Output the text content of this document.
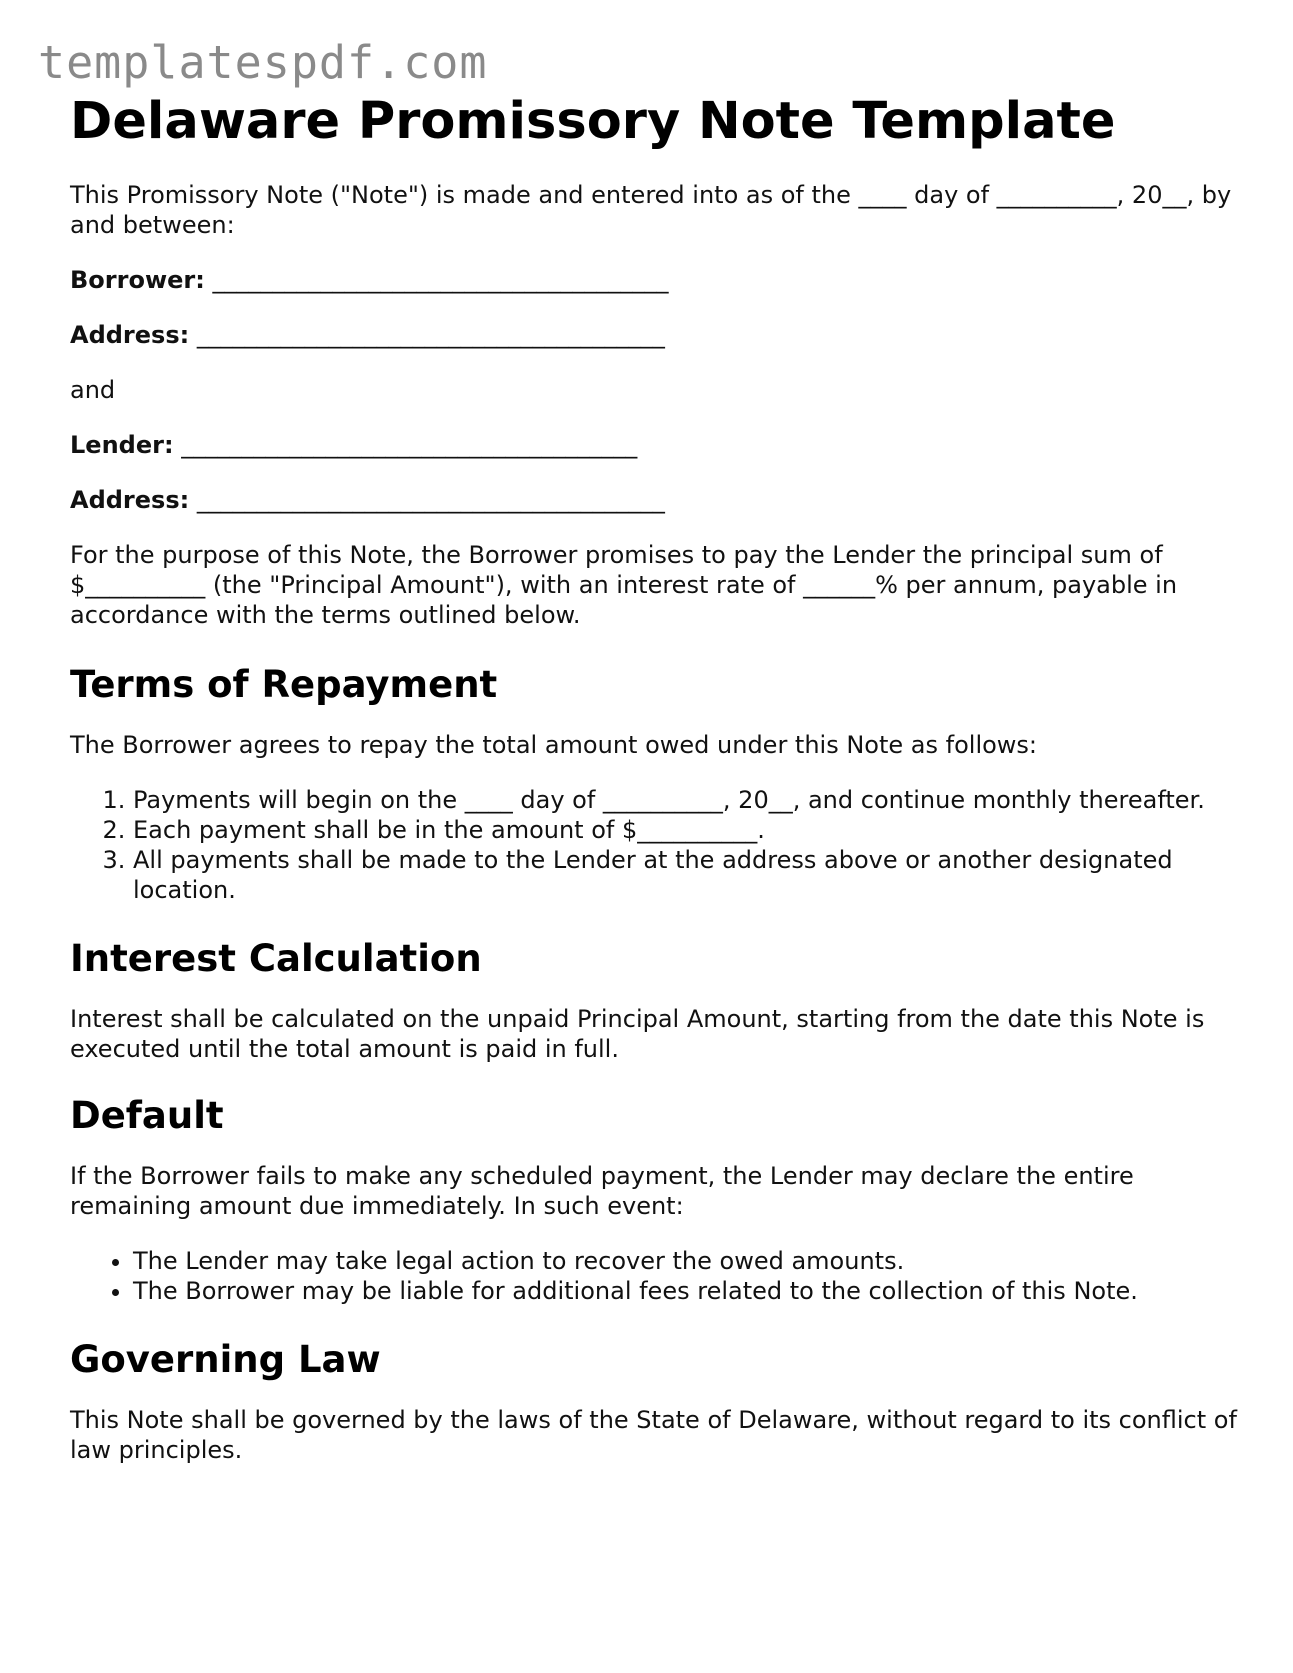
templatespdf.com
Delaware Promissory Note Template

This Promissory Note ("Note") is made and entered into as of the ____ day of __________, 20__, by and between:

Borrower: ______________________________________

Address: _______________________________________

and

Lender: ______________________________________

Address: _______________________________________

For the purpose of this Note, the Borrower promises to pay the Lender the principal sum of $__________ (the "Principal Amount"), with an interest rate of ______% per annum, payable in accordance with the terms outlined below.

Terms of Repayment

The Borrower agrees to repay the total amount owed under this Note as follows:

1. Payments will begin on the ____ day of __________, 20__, and continue monthly thereafter.
2. Each payment shall be in the amount of $__________.
3. All payments shall be made to the Lender at the address above or another designated location.
Interest Calculation

Interest shall be calculated on the unpaid Principal Amount, starting from the date this Note is executed until the total amount is paid in full.

Default

If the Borrower fails to make any scheduled payment, the Lender may declare the entire remaining amount due immediately. In such event:

• The Lender may take legal action to recover the owed amounts.
• The Borrower may be liable for additional fees related to the collection of this Note.
Governing Law

This Note shall be governed by the laws of the State of Delaware, without regard to its conflict of law principles.
